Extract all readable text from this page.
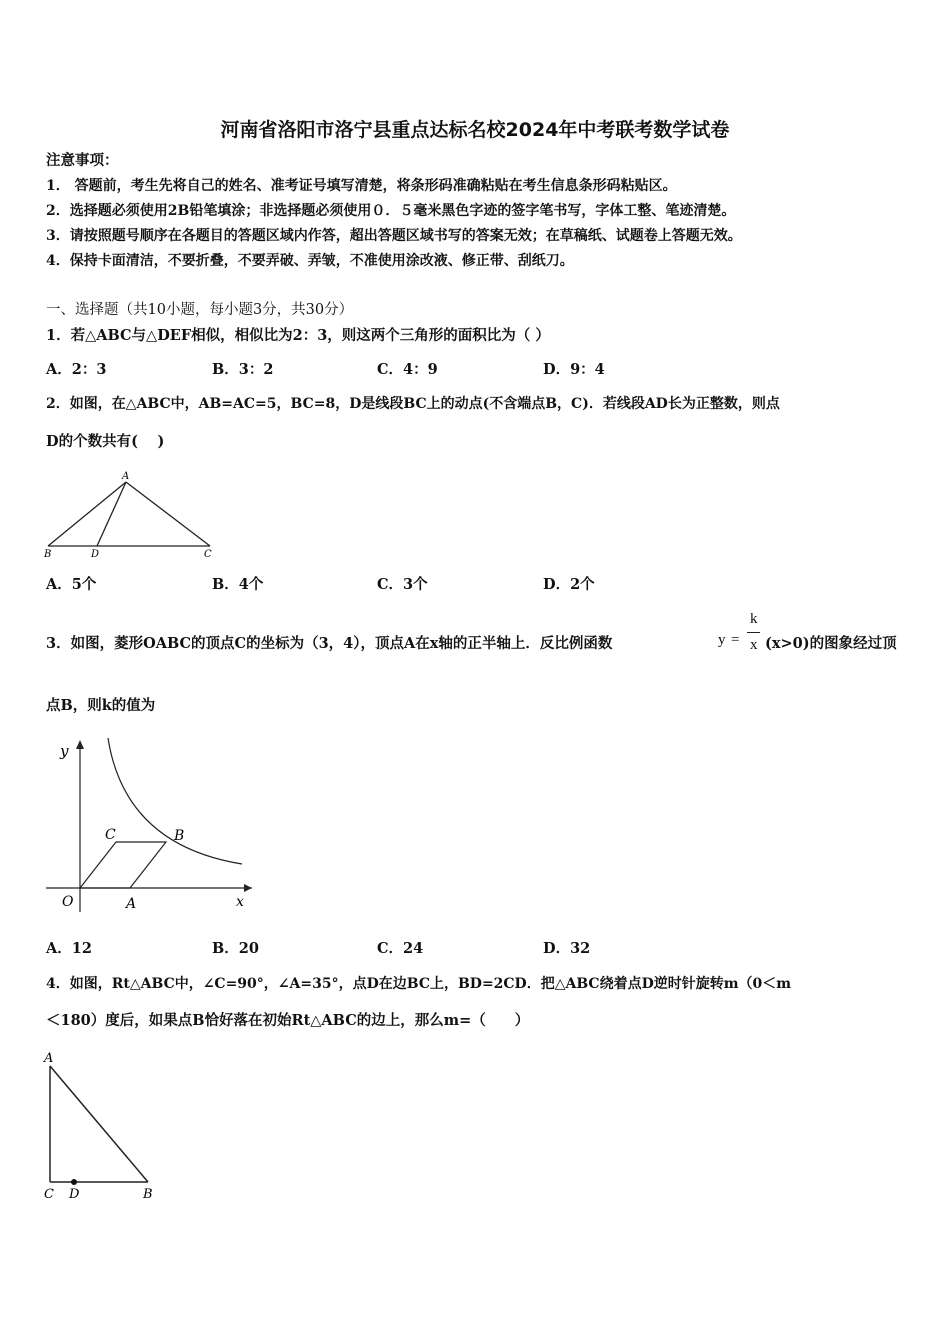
河南省洛阳市洛宁县重点达标名校2024年中考联考数学试卷
注意事项：
1． 答题前，考生先将自己的姓名、准考证号填写清楚，将条形码准确粘贴在考生信息条形码粘贴区。
2．选择题必须使用2B铅笔填涂；非选择题必须使用０．５毫米黑色字迹的签字笔书写，字体工整、笔迹清楚。
3．请按照题号顺序在各题目的答题区域内作答，超出答题区域书写的答案无效；在草稿纸、试题卷上答题无效。
4．保持卡面清洁，不要折叠，不要弄破、弄皱，不准使用涂改液、修正带、刮纸刀。
一、选择题（共10小题，每小题3分，共30分）
1．若△ABC与△DEF相似，相似比为2：3，则这两个三角形的面积比为（ ）
A．2：3	B．3：2	C．4：9	D．9：4
2．如图，在△ABC中，AB=AC=5，BC=8，D是线段BC上的动点(不含端点B，C)．若线段AD长为正整数，则点
D的个数共有(　 )
A
B	D	C
A．5个	B．4个	C．3个	D．2个
3．如图，菱形OABC的顶点C的坐标为（3，4），顶点A在x轴的正半轴上．反比例函数	y =
k
x (x>0)的图象经过顶
点B，则k的值为
y
x
O	A
B
C
A．12	B．20	C．24	D．32
4．如图，Rt△ABC中，∠C=90°，∠A=35°，点D在边BC上，BD=2CD．把△ABC绕着点D逆时针旋转m（0＜m
＜180）度后，如果点B恰好落在初始Rt△ABC的边上，那么m=（　　）
A
C D	B
